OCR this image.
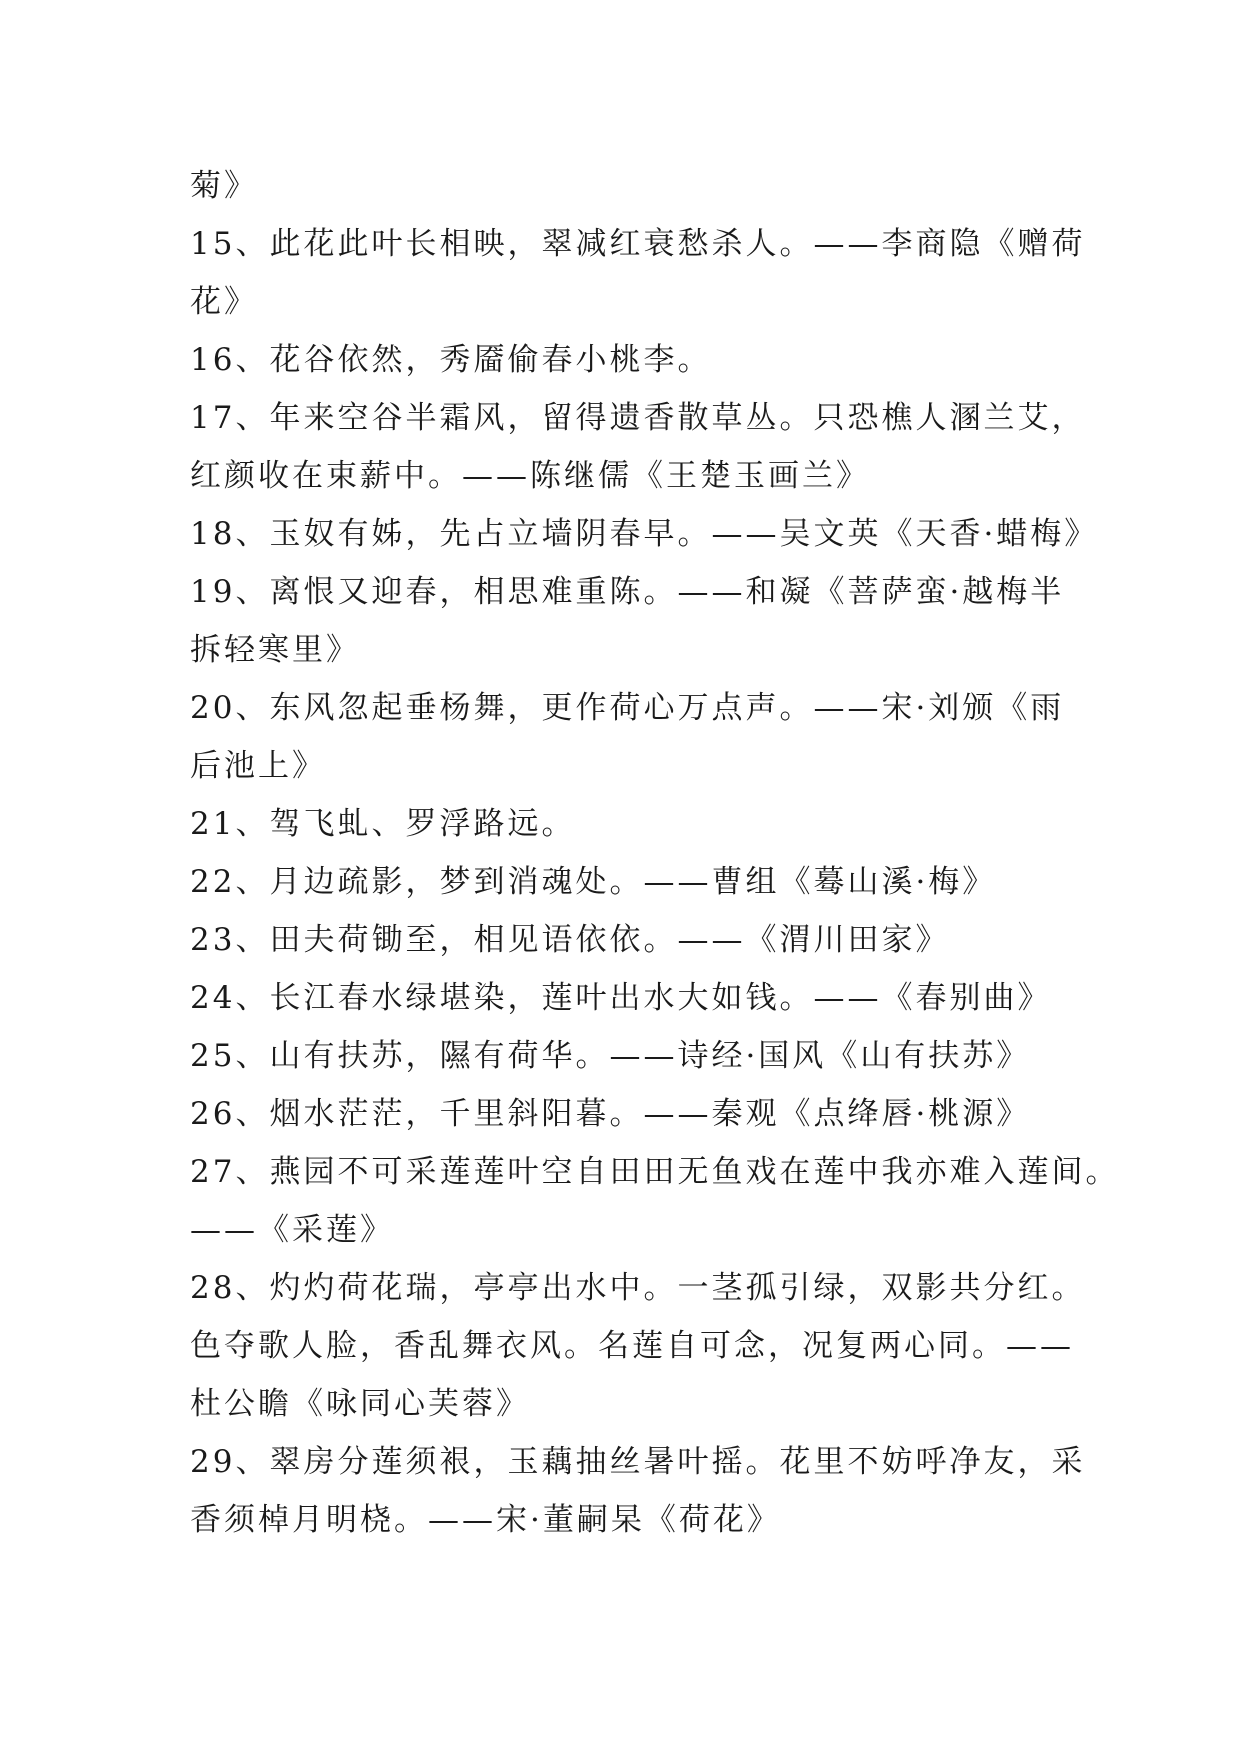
菊》
15、此花此叶长相映，翠减红衰愁杀人。——李商隐《赠荷
花》
16、花谷依然，秀靥偷春小桃李。
17、年来空谷半霜风，留得遗香散草丛。只恐樵人溷兰艾，
红颜收在束薪中。——陈继儒《王楚玉画兰》
18、玉奴有姊，先占立墙阴春早。——吴文英《天香·蜡梅》
19、离恨又迎春，相思难重陈。——和凝《菩萨蛮·越梅半
拆轻寒里》
20、东风忽起垂杨舞，更作荷心万点声。——宋·刘颁《雨
后池上》
21、驾飞虬、罗浮路远。
22、月边疏影，梦到消魂处。——曹组《蓦山溪·梅》
23、田夫荷锄至，相见语依依。——《渭川田家》
24、长江春水绿堪染，莲叶出水大如钱。——《春别曲》
25、山有扶苏，隰有荷华。——诗经·国风《山有扶苏》
26、烟水茫茫，千里斜阳暮。——秦观《点绛唇·桃源》
27、燕园不可采莲莲叶空自田田无鱼戏在莲中我亦难入莲间。
——《采莲》
28、灼灼荷花瑞，亭亭出水中。一茎孤引绿，双影共分红。
色夺歌人脸，香乱舞衣风。名莲自可念，况复两心同。——
杜公瞻《咏同心芙蓉》
29、翠房分莲须裉，玉藕抽丝暑叶摇。花里不妨呼净友，采
香须棹月明桡。——宋·董嗣杲《荷花》
